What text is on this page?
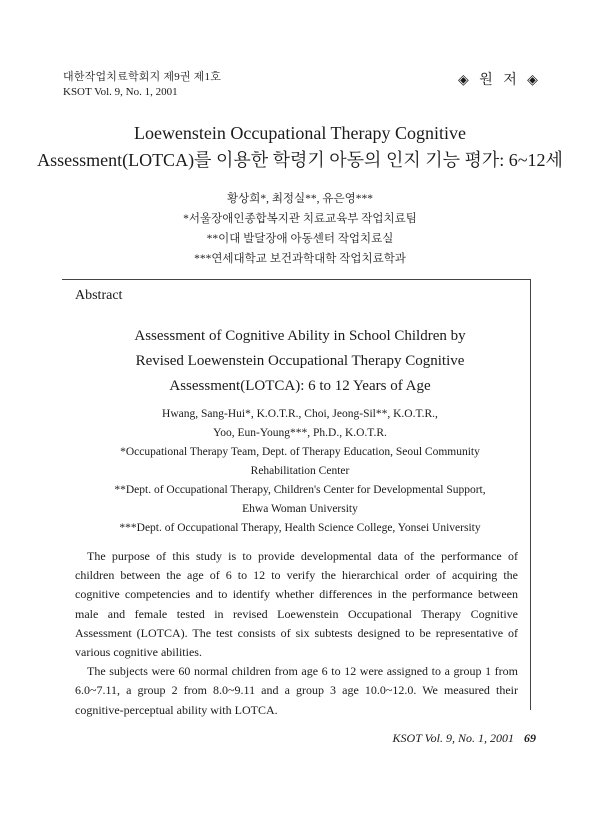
대한작업치료학회지 제9권 제1호
KSOT Vol. 9, No. 1, 2001
◈ 원 저 ◈
Loewenstein Occupational Therapy Cognitive
Assessment(LOTCA)를 이용한 학령기 아동의 인지 기능 평가: 6~12세
황상희*, 최정실**, 유은영***
*서울장애인종합복지관 치료교육부 작업치료팀
**이대 발달장애 아동센터 작업치료실
***연세대학교 보건과학대학 작업치료학과
Abstract
Assessment of Cognitive Ability in School Children by
Revised Loewenstein Occupational Therapy Cognitive
Assessment(LOTCA): 6 to 12 Years of Age
Hwang, Sang-Hui*, K.O.T.R., Choi, Jeong-Sil**, K.O.T.R.,
Yoo, Eun-Young***, Ph.D., K.O.T.R.
*Occupational Therapy Team, Dept. of Therapy Education, Seoul Community
Rehabilitation Center
**Dept. of Occupational Therapy, Children's Center for Developmental Support,
Ehwa Woman University
***Dept. of Occupational Therapy, Health Science College, Yonsei University

The purpose of this study is to provide developmental data of the performance of children between the age of 6 to 12 to verify the hierarchical order of acquiring the cognitive competencies and to identify whether differences in the performance between male and female tested in revised Loewenstein Occupational Therapy Cognitive Assessment (LOTCA). The test consists of six subtests designed to be representative of various cognitive abilities.

The subjects were 60 normal children from age 6 to 12 were assigned to a group 1 from 6.0~7.11, a group 2 from 8.0~9.11 and a group 3 age 10.0~12.0. We measured their cognitive-perceptual ability with LOTCA.

KSOT Vol. 9, No. 1, 2001 69
